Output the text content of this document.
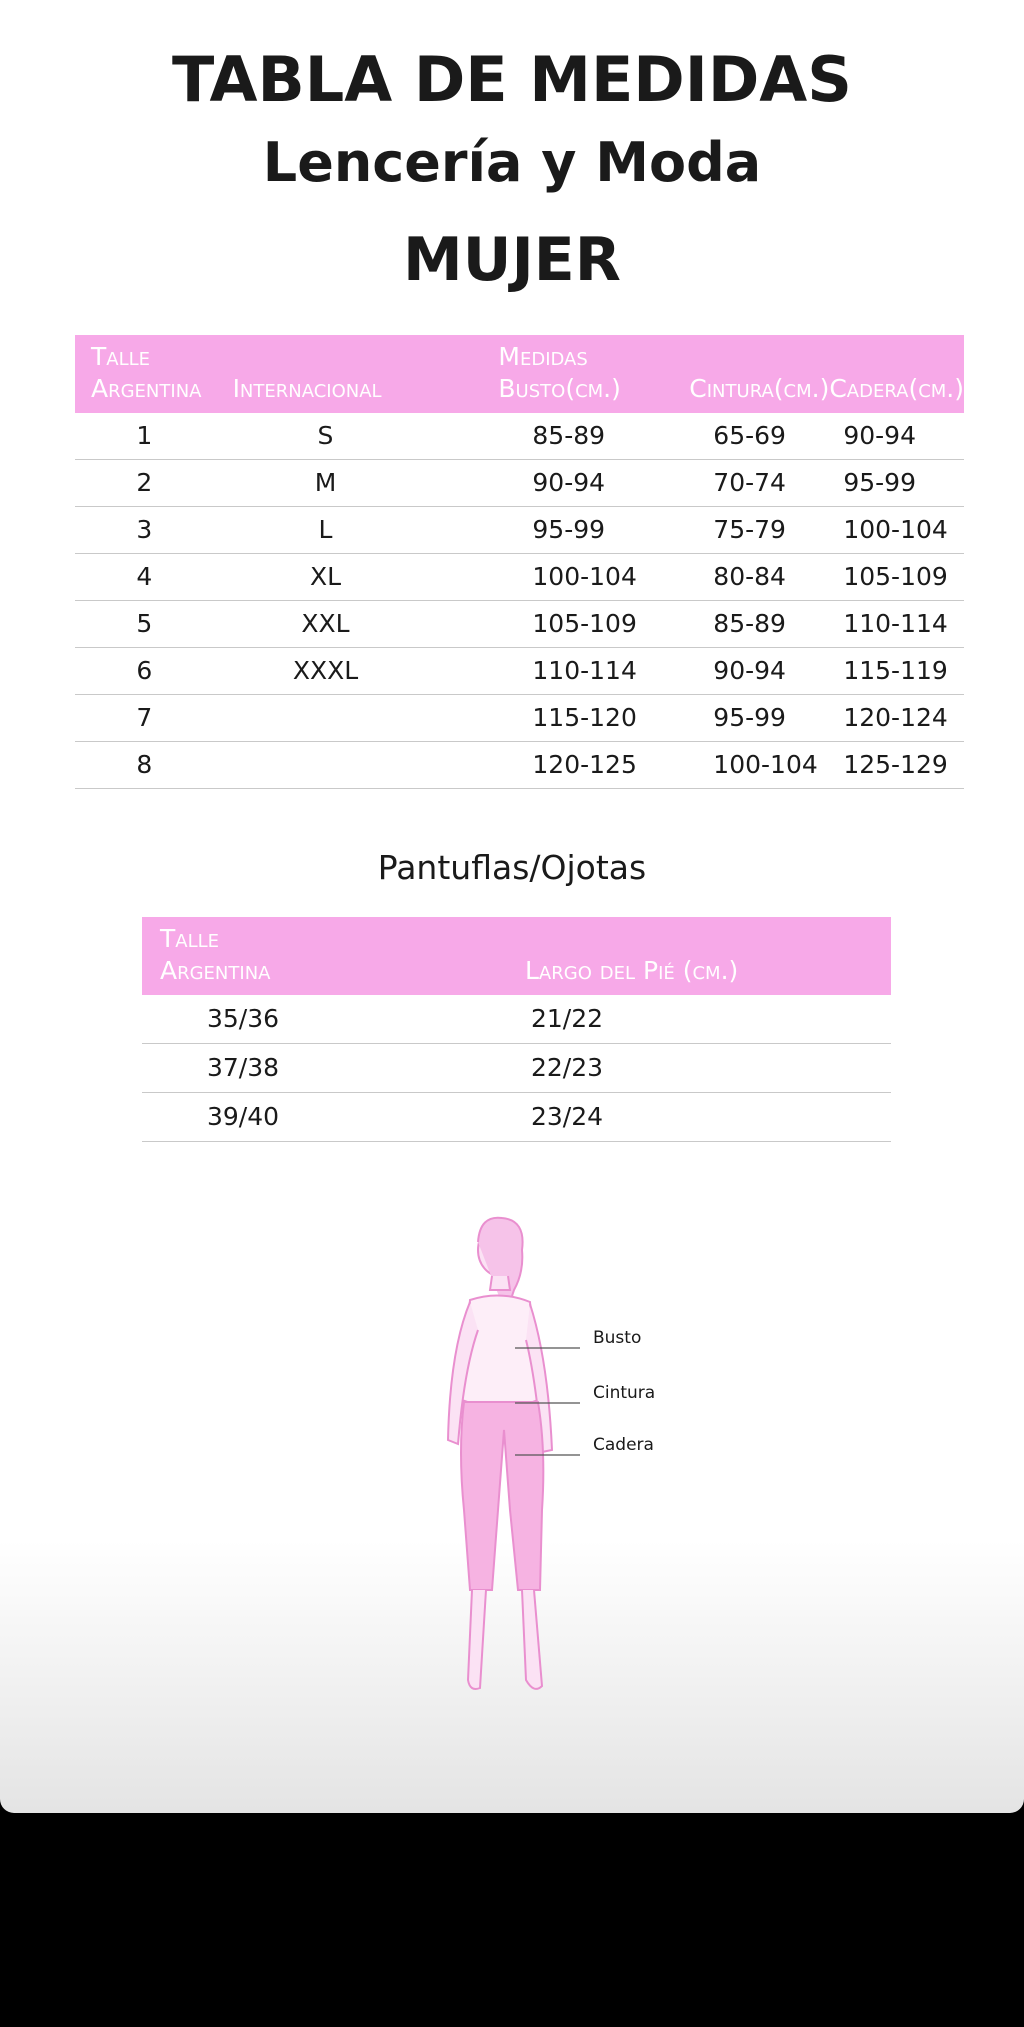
TABLA DE MEDIDAS
Lencería y Moda
MUJER
Talle
Argentina	Internacional	Medidas
Busto(cm.)	Cintura(cm.)	Cadera(cm.)
1	S	85-89	65-69	90-94
2	M	90-94	70-74	95-99
3	L	95-99	75-79	100-104
4	XL	100-104	80-84	105-109
5	XXL	105-109	85-89	110-114
6	XXXL	110-114	90-94	115-119
7		115-120	95-99	120-124
8		120-125	100-104	125-129
Pantuflas/Ojotas
Talle
Argentina	Largo del Pié (cm.)
35/36	21/22
37/38	22/23
39/40	23/24
Busto
Cintura
Cadera
